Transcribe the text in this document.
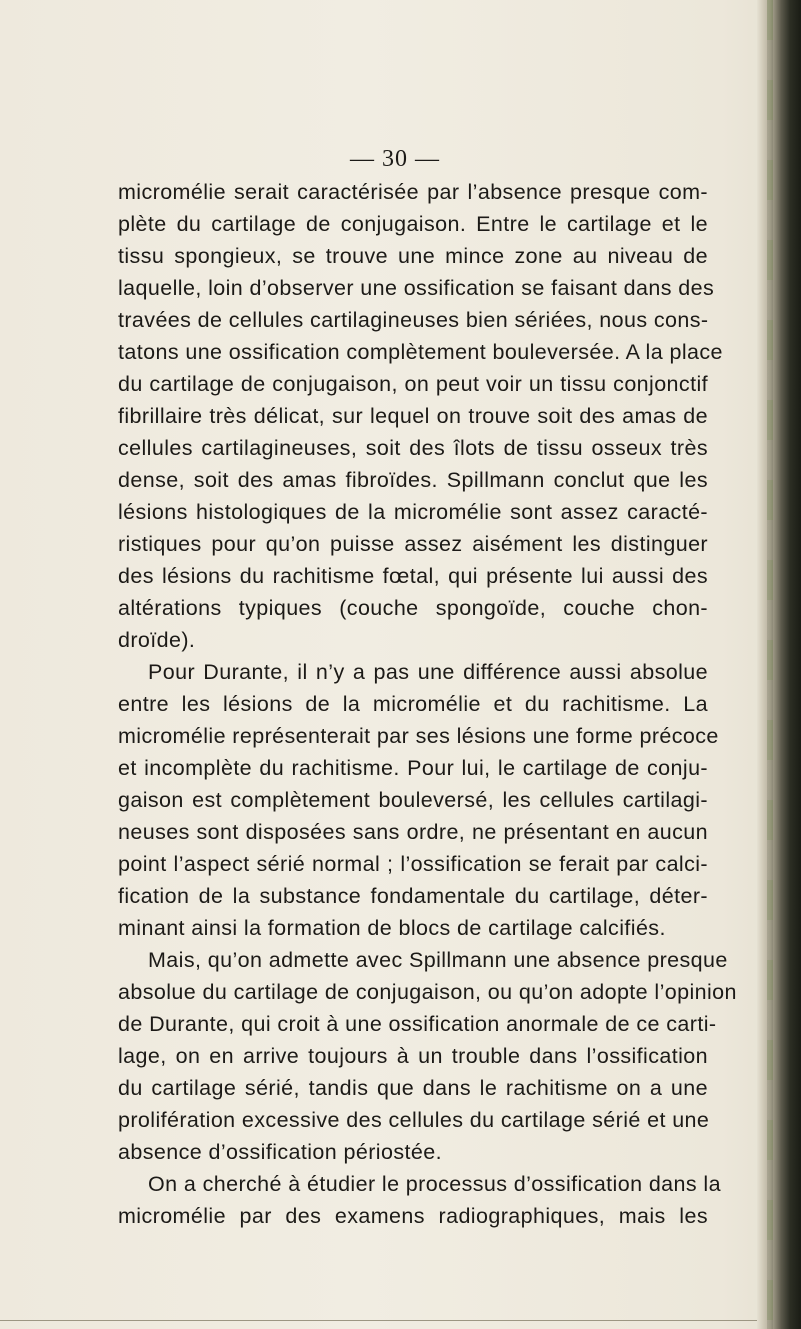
— 30 —
micromélie serait caractérisée par l’absence presque com-
plète du cartilage de conjugaison. Entre le cartilage et le
tissu spongieux, se trouve une mince zone au niveau de
laquelle, loin d’observer une ossification se faisant dans des
travées de cellules cartilagineuses bien sériées, nous cons-
tatons une ossification complètement bouleversée. A la place
du cartilage de conjugaison, on peut voir un tissu conjonctif
fibrillaire très délicat, sur lequel on trouve soit des amas de
cellules cartilagineuses, soit des îlots de tissu osseux très
dense, soit des amas fibroïdes. Spillmann conclut que les
lésions histologiques de la micromélie sont assez caracté-
ristiques pour qu’on puisse assez aisément les distinguer
des lésions du rachitisme fœtal, qui présente lui aussi des
altérations typiques (couche spongoïde, couche chon-
droïde).
Pour Durante, il n’y a pas une différence aussi absolue
entre les lésions de la micromélie et du rachitisme. La
micromélie représenterait par ses lésions une forme précoce
et incomplète du rachitisme. Pour lui, le cartilage de conju-
gaison est complètement bouleversé, les cellules cartilagi-
neuses sont disposées sans ordre, ne présentant en aucun
point l’aspect sérié normal ; l’ossification se ferait par calci-
fication de la substance fondamentale du cartilage, déter-
minant ainsi la formation de blocs de cartilage calcifiés.
Mais, qu’on admette avec Spillmann une absence presque
absolue du cartilage de conjugaison, ou qu’on adopte l’opinion
de Durante, qui croit à une ossification anormale de ce carti-
lage, on en arrive toujours à un trouble dans l’ossification
du cartilage sérié, tandis que dans le rachitisme on a une
prolifération excessive des cellules du cartilage sérié et une
absence d’ossification périostée.
On a cherché à étudier le processus d’ossification dans la
micromélie par des examens radiographiques, mais les
